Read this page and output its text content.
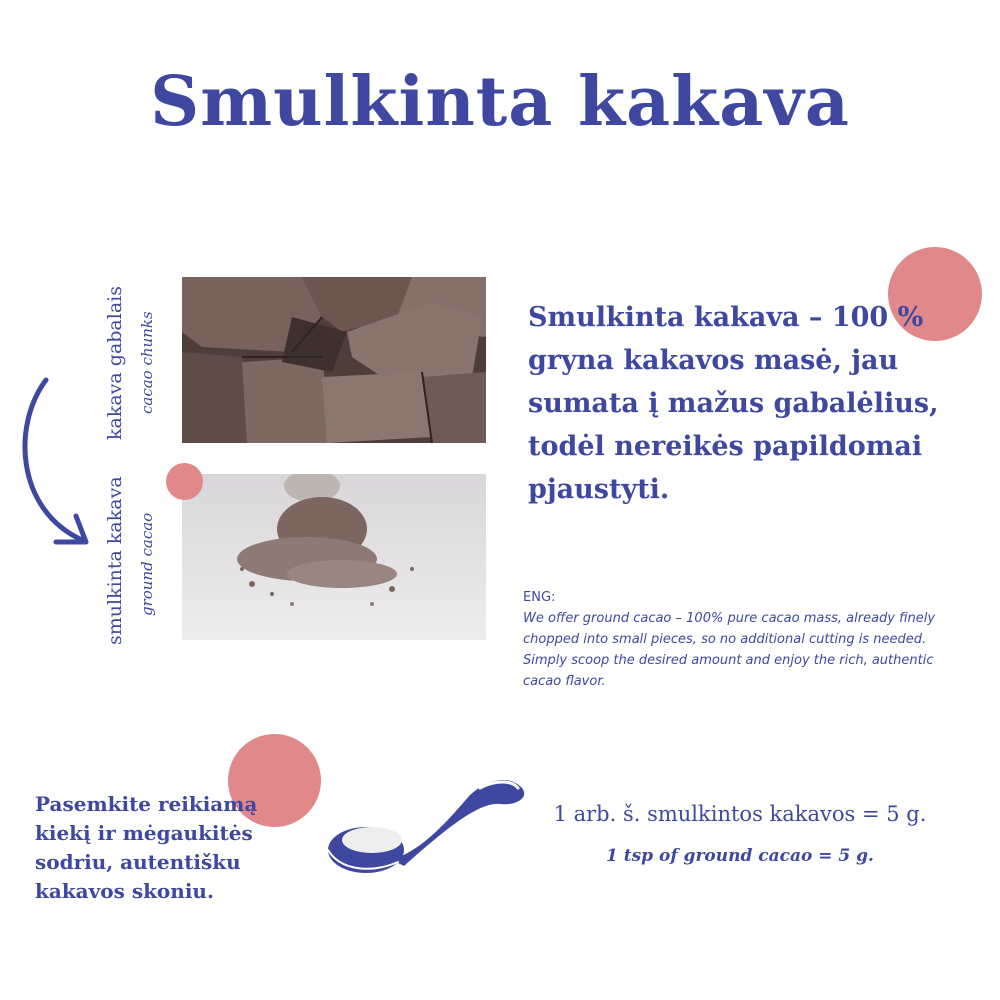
Smulkinta kakava
kakava gabalais cacao chunks
smulkinta kakava ground cacao
Smulkinta kakava – 100 % gryna kakavos masė, jau sumata į mažus gabalėlius, todėl nereikės papildomai pjaustyti.
ENG:
We offer ground cacao – 100% pure cacao mass, already finely chopped into small pieces, so no additional cutting is needed. Simply scoop the desired amount and enjoy the rich, authentic cacao flavor.
Pasemkite reikiamą kiekį ir mėgaukitės sodriu, autentišku kakavos skoniu.
1 arb. š. smulkintos kakavos = 5 g.
1 tsp of ground cacao = 5 g.
